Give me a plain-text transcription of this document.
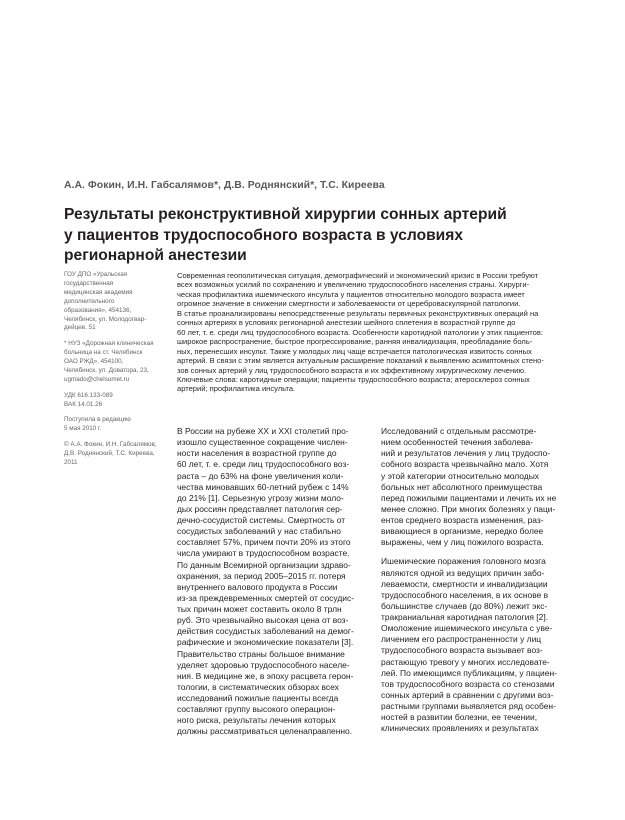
А.А. Фокин, И.Н. Габсалямов*, Д.В. Роднянский*, Т.С. Киреева
Результаты реконструктивной хирургии сонных артерий
у пациентов трудоспособного возраста в условиях
регионарной анестезии
ГОУ ДПО «Уральская
государственная
медицинская академия
дополнительного
образования», 454136,
Челябинск, ул. Молодогвар-
дейцев, 51
* НУЗ «Дорожная клиническая
больница на ст. Челябинск
ОАО РЖД», 454100,
Челябинск, ул. Доватора, 23,
ugmado@chelsumet.ru
УДК 616.133-089
ВАК 14.01.26
Поступила в редакцию
5 мая 2010 г.
© А.А. Фокин, И.Н. Габсалямов,
Д.В. Роднянский, Т.С. Киреева,
2011
Современная геополитическая ситуация, демографический и экономический кризис в России требуют
всех возможных усилий по сохранению и увеличению трудоспособного населения страны. Хирурги-
ческая профилактика ишемического инсульта у пациентов относительно молодого возраста имеет
огромное значение в снижении смертности и заболеваемости от цереброваскулярной патологии.
В статье проанализированы непосредственные результаты первичных реконструктивных операций на
сонных артериях в условиях регионарной анестезии шейного сплетения в возрастной группе до
60 лет, т. е. среди лиц трудоспособного возраста. Особенности каротидной патологии у этих пациентов:
широкое распространение, быстрое прогрессирование, ранняя инвалидизация, преобладание боль-
ных, перенесших инсульт. Также у молодых лиц чаще встречается патологическая извитость сонных
артерий. В связи с этим является актуальным расширение показаний к выявлению асимптомных стено-
зов сонных артерий у лиц трудоспособного возраста и их эффективному хирургическому лечению.
Ключевые слова: каротидные операции; пациенты трудоспособного возраста; атеросклероз сонных
артерий; профилактика инсульта.
В России на рубеже XX и XXI столетий про-
изошло существенное сокращение числен-
ности населения в возрастной группе до
60 лет, т. е. среди лиц трудоспособного воз-
раста – до 63% на фоне увеличения коли-
чества миновавших 60-летний рубеж с 14%
до 21% [1]. Серьезную угрозу жизни моло-
дых россиян представляет патология сер-
дечно-сосудистой системы. Смертность от
сосудистых заболеваний у нас стабильно
составляет 57%, причем почти 20% из этого
числа умирают в трудоспособном возрасте.
По данным Всемирной организации здраво-
охранения, за период 2005–2015 гг. потеря
внутреннего валового продукта в России
из-за преждевременных смертей от сосудис-
тых причин может составить около 8 трлн
руб. Это чрезвычайно высокая цена от воз-
действия сосудистых заболеваний на демог-
рафические и экономические показатели [3].
Правительство страны большое внимание
уделяет здоровью трудоспособного населе-
ния. В медицине же, в эпоху расцвета герон-
тологии, в систематических обзорах всех
исследований пожилые пациенты всегда
составляют группу высокого операцион-
ного риска, результаты лечения которых
должны рассматриваться целенаправленно.
Исследований с отдельным рассмотре-
нием особенностей течения заболева-
ний и результатов лечения у лиц трудоспо-
собного возраста чрезвычайно мало. Хотя
у этой категории относительно молодых
больных нет абсолютного преимущества
перед пожилыми пациентами и лечить их не
менее сложно. При многих болезнях у паци-
ентов среднего возраста изменения, раз-
вивающиеся в организме, нередко более
выражены, чем у лиц пожилого возраста.
Ишемические поражения головного мозга
являются одной из ведущих причин забо-
леваемости, смертности и инвалидизации
трудоспособного населения, в их основе в
большинстве случаев (до 80%) лежит экс-
тракраниальная каротидная патология [2].
Омоложение ишемического инсульта с уве-
личением его распространенности у лиц
трудоспособного возраста вызывает воз-
растающую тревогу у многих исследовате-
лей. По имеющимся публикациям, у пациен-
тов трудоспособного возраста со стенозами
сонных артерий в сравнении с другими воз-
растными группами выявляется ряд особен-
ностей в развитии болезни, ее течении,
клинических проявлениях и результатах
